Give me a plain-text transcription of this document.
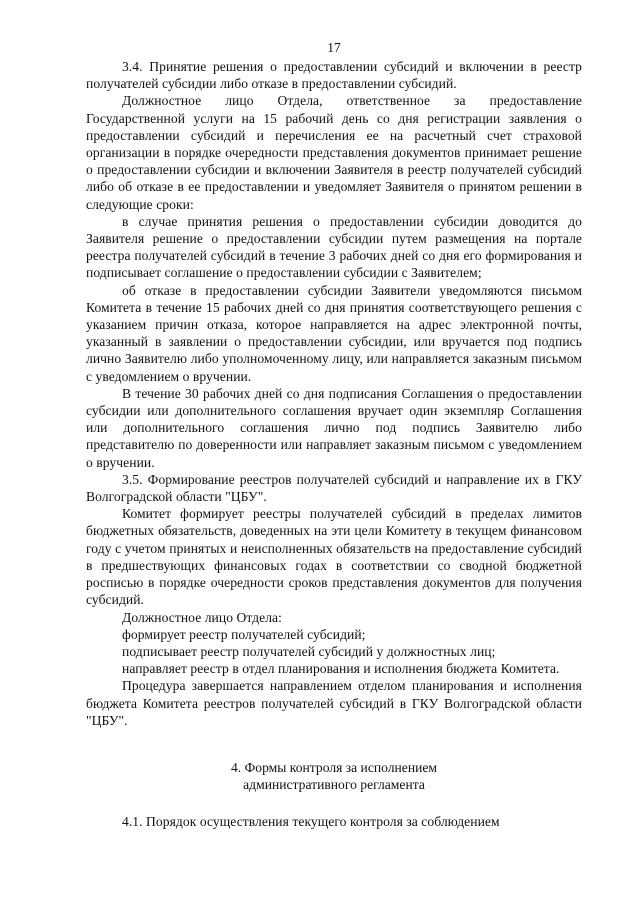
17

3.4. Принятие решения о предоставлении субсидий и включении в реестр получателей субсидии либо отказе в предоставлении субсидий.

Должностное лицо Отдела, ответственное за предоставление Государственной услуги на 15 рабочий день со дня регистрации заявления о предоставлении субсидий и перечисления ее на расчетный счет страховой организации в порядке очередности представления документов принимает решение о предоставлении субсидии и включении Заявителя в реестр получателей субсидий либо об отказе в ее предоставлении и уведомляет Заявителя о принятом решении в следующие сроки:

в случае принятия решения о предоставлении субсидии доводится до Заявителя решение о предоставлении субсидии путем размещения на портале реестра получателей субсидий в течение 3 рабочих дней со дня его формирования и подписывает соглашение о предоставлении субсидии с Заявителем;

об отказе в предоставлении субсидии Заявители уведомляются письмом Комитета в течение 15 рабочих дней со дня принятия соответствующего решения с указанием причин отказа, которое направляется на адрес электронной почты, указанный в заявлении о предоставлении субсидии, или вручается под подпись лично Заявителю либо уполномоченному лицу, или направляется заказным письмом с уведомлением о вручении.

В течение 30 рабочих дней со дня подписания Соглашения о предоставлении субсидии или дополнительного соглашения вручает один экземпляр Соглашения или дополнительного соглашения лично под подпись Заявителю либо представителю по доверенности или направляет заказным письмом с уведомлением о вручении.

3.5. Формирование реестров получателей субсидий и направление их в ГКУ Волгоградской области "ЦБУ".

Комитет формирует реестры получателей субсидий в пределах лимитов бюджетных обязательств, доведенных на эти цели Комитету в текущем финансовом году с учетом принятых и неисполненных обязательств на предоставление субсидий в предшествующих финансовых годах в соответствии со сводной бюджетной росписью в порядке очередности сроков представления документов для получения субсидий.

Должностное лицо Отдела:

формирует реестр получателей субсидий;

подписывает реестр получателей субсидий у должностных лиц;

направляет реестр в отдел планирования и исполнения бюджета Комитета.

Процедура завершается направлением отделом планирования и исполнения бюджета Комитета реестров получателей субсидий в ГКУ Волгоградской области "ЦБУ".

4. Формы контроля за исполнением
административного регламента

4.1. Порядок осуществления текущего контроля за соблюдением
